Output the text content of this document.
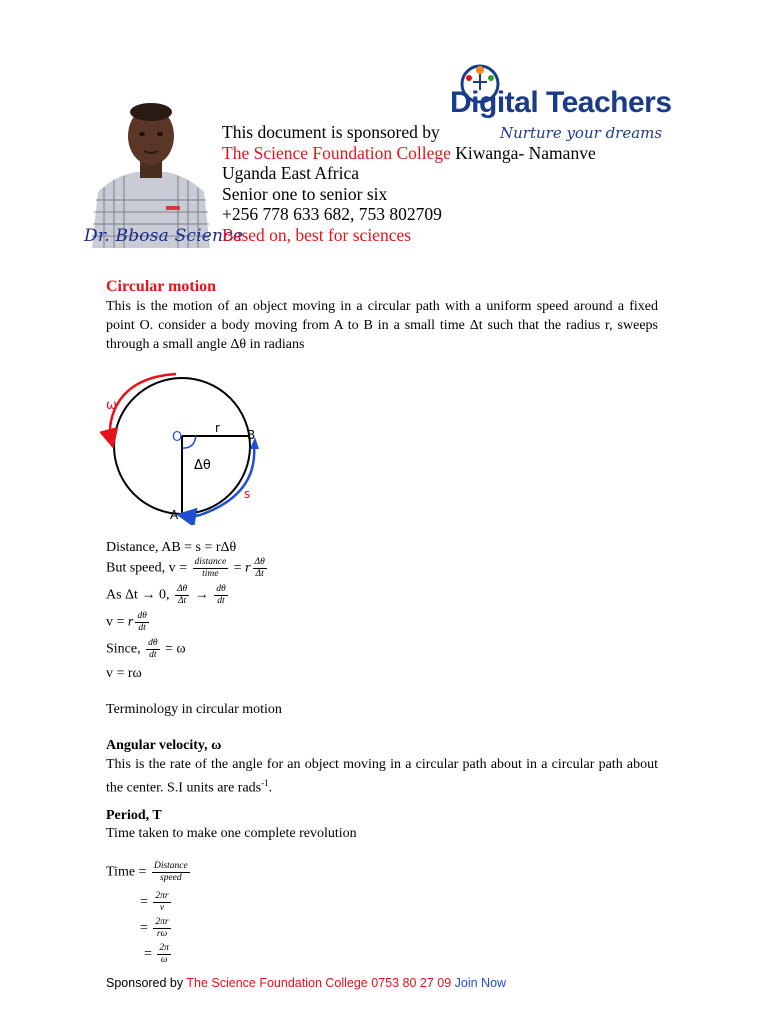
Dr. Bbosa Science
Digital Teachers
Nurture your dreams
This document is sponsored by
The Science Foundation College Kiwanga- Namanve
Uganda East Africa
Senior one to senior six
+256 778 633 682, 753 802709
Based on, best for sciences
Circular motion
This is the motion of an object moving in a circular path with a uniform speed around a fixed point O. consider a body moving from A to B in a small time Δt such that the radius r, sweeps through a small angle Δθ in radians
ω
O
r B
Δθ
s
A
Distance, AB = s = rΔθ
But speed, $v = \frac{\text{distance}}{\text{time}} = r \frac{\Delta\theta}{\Delta t}$
As Δt → 0, $\frac{\Delta\theta}{\Delta t} \to \frac{d\theta}{dt}$
v = r $\frac{d\theta}{dt}$
Since, $\frac{d\theta}{dt} = \omega$
v = rω
Terminology in circular motion
Angular velocity, ω
This is the rate of the angle for an object moving in a circular path about in a circular path about the center. S.I units are rads$^{-1}$.
Period, T
Time taken to make one complete revolution
Time = $\frac{\text{Distance}}{\text{speed}}$
= $\frac{2\pi r}{v}$
= $\frac{2\pi r}{r\omega}$
= $\frac{2\pi}{\omega}$
Sponsored by The Science Foundation College 0753 80 27 09 Join Now
